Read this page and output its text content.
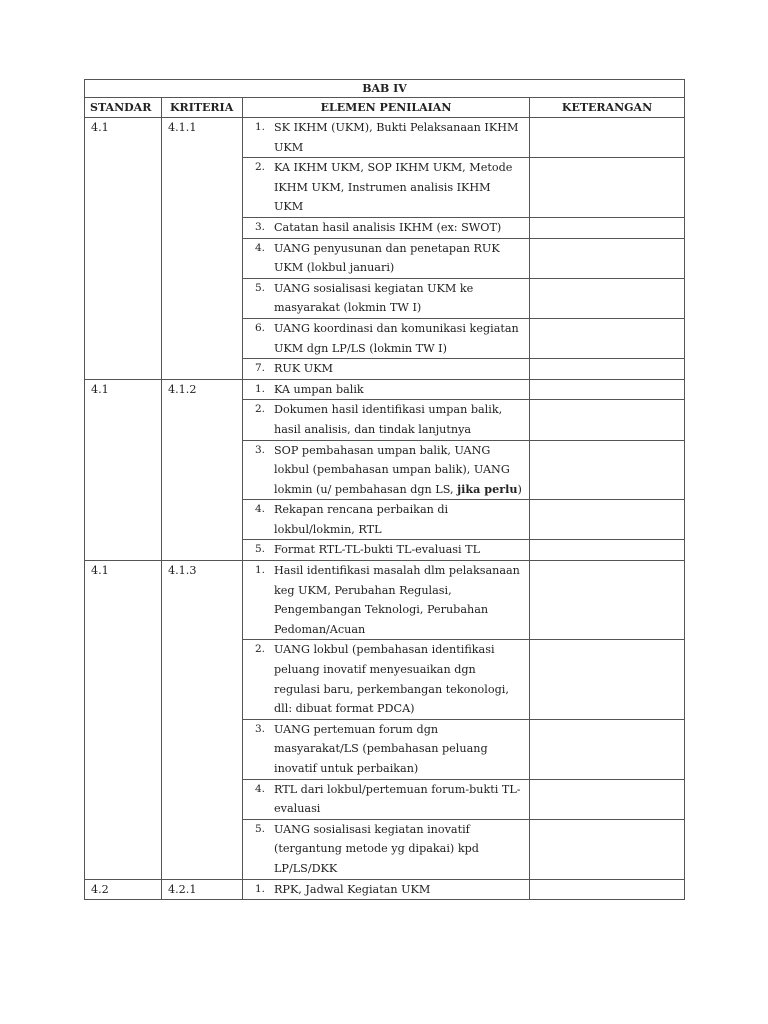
BAB IV			
STANDAR	KRITERIA	ELEMEN PENILAIAN	KETERANGAN
4.1	4.1.1	1. SK IKHM (UKM), Bukti Pelaksanaan IKHM UKM	

		2. KA IKHM UKM, SOP IKHM UKM, Metode IKHM UKM, Instrumen analisis IKHM UKM	

		3. Catatan hasil analisis IKHM (ex: SWOT)	

		4. UANG penyusunan dan penetapan RUK UKM (lokbul januari)	

		5. UANG sosialisasi kegiatan UKM ke masyarakat (lokmin TW I)	

		6. UANG koordinasi dan komunikasi kegiatan UKM dgn LP/LS (lokmin TW I)	

		7. RUK UKM	

4.1	4.1.2	1. KA umpan balik	

		2. Dokumen hasil identifikasi umpan balik, hasil analisis, dan tindak lanjutnya	

		3. SOP pembahasan umpan balik, UANG lokbul (pembahasan umpan balik), UANG lokmin (u/ pembahasan dgn LS, jika perlu)	

		4. Rekapan rencana perbaikan di lokbul/lokmin, RTL	

		5. Format RTL-TL-bukti TL-evaluasi TL	

4.1	4.1.3	1. Hasil identifikasi masalah dlm pelaksanaan keg UKM, Perubahan Regulasi, Pengembangan Teknologi, Perubahan Pedoman/Acuan	

		2. UANG lokbul (pembahasan identifikasi peluang inovatif menyesuaikan dgn regulasi baru, perkembangan tekonologi, dll: dibuat format PDCA)	

		3. UANG pertemuan forum dgn masyarakat/LS (pembahasan peluang inovatif untuk perbaikan)	

		4. RTL dari lokbul/pertemuan forum-bukti TL-evaluasi	

		5. UANG sosialisasi kegiatan inovatif (tergantung metode yg dipakai) kpd LP/LS/DKK	

4.2	4.2.1	1. RPK, Jadwal Kegiatan UKM	
